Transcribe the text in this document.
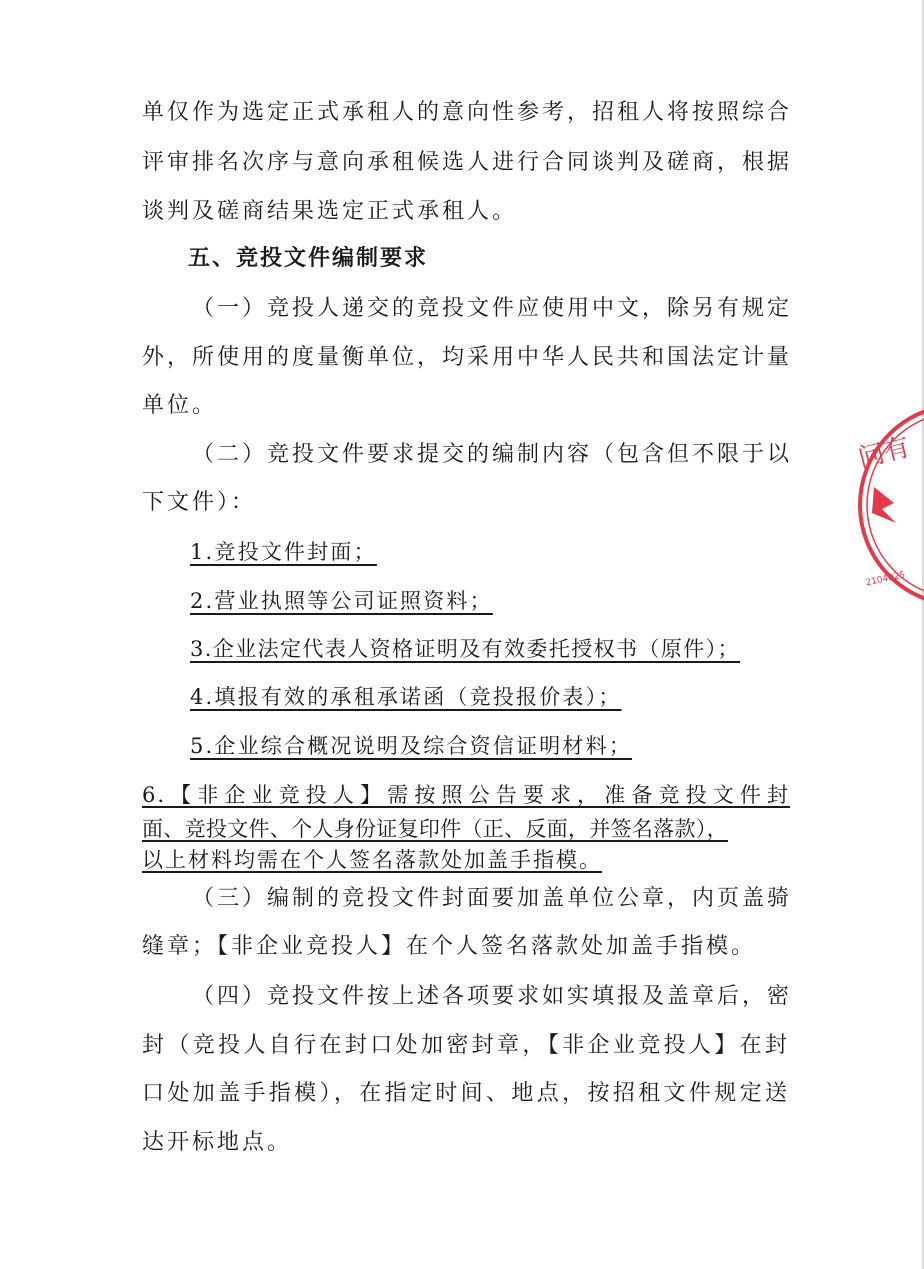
单仅作为选定正式承租人的意向性参考，招租人将按照综合
评审排名次序与意向承租候选人进行合同谈判及磋商，根据
谈判及磋商结果选定正式承租人。
五、竞投文件编制要求
（一）竞投人递交的竞投文件应使用中文，除另有规定
外，所使用的度量衡单位，均采用中华人民共和国法定计量
单位。
（二）竞投文件要求提交的编制内容（包含但不限于以
下文件）：
1.竞投文件封面；
2.营业执照等公司证照资料；
3.企业法定代表人资格证明及有效委托授权书（原件）；
4.填报有效的承租承诺函（竞投报价表）；
5.企业综合概况说明及综合资信证明材料；
6.【非企业竞投人】需按照公告要求，准备竞投文件封
面、竞投文件、个人身份证复印件（正、反面，并签名落款），
以上材料均需在个人签名落款处加盖手指模。
（三）编制的竞投文件封面要加盖单位公章，内页盖骑
缝章；【非企业竞投人】在个人签名落款处加盖手指模。
（四）竞投文件按上述各项要求如实填报及盖章后，密
封（竞投人自行在封口处加密封章，【非企业竞投人】在封
口处加盖手指模），在指定时间、地点，按招租文件规定送
达开标地点。
问有
2104025
